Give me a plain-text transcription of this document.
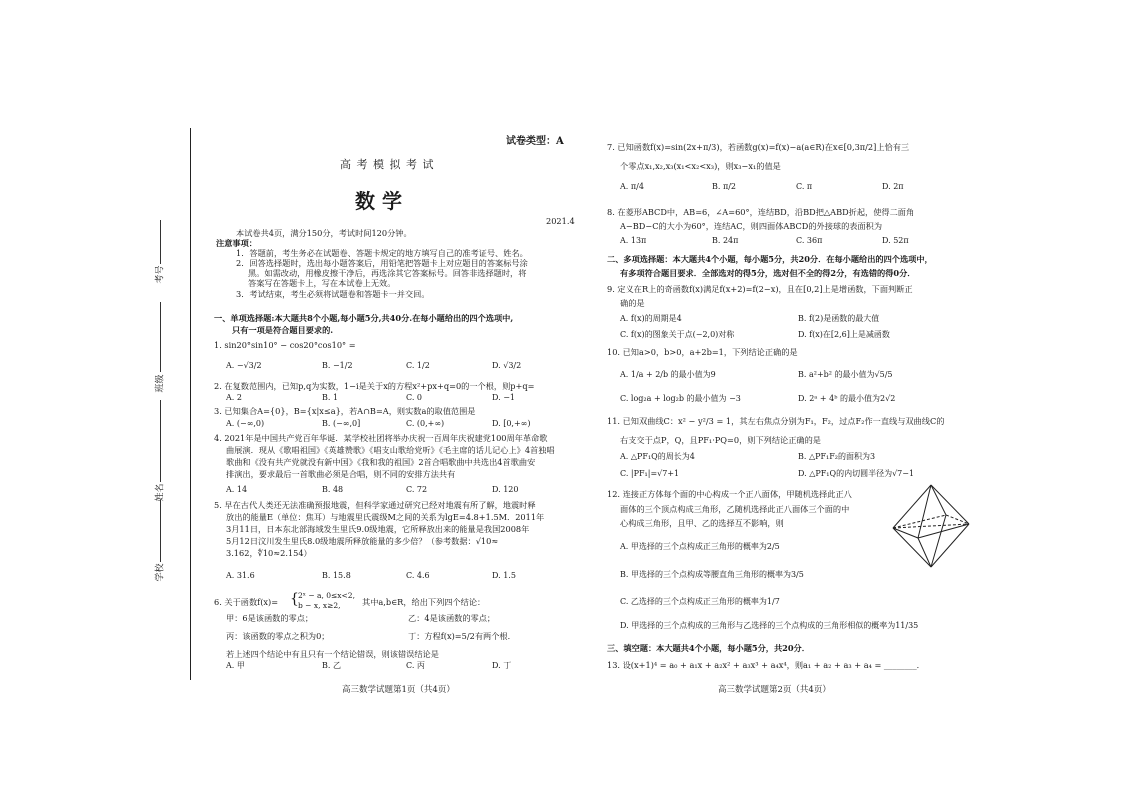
考号
班级
姓名
学校
试卷类型：A
高 考 模 拟 考 试
数 学
2021.4
本试卷共4页，满分150分，考试时间120分钟。
注意事项：
1．答题前，考生务必在试题卷、答题卡规定的地方填写自己的准考证号、姓名。
2．回答选择题时，选出每小题答案后，用铅笔把答题卡上对应题目的答案标号涂
黑。如需改动，用橡皮擦干净后，再选涂其它答案标号。回答非选择题时，将
答案写在答题卡上，写在本试卷上无效。
3．考试结束，考生必须将试题卷和答题卡一并交回。
一、单项选择题:本大题共8个小题,每小题5分,共40分.在每小题给出的四个选项中,
只有一项是符合题目要求的.
1. sin20°sin10° − cos20°cos10° =
A. −√3/2	B. −1/2	C. 1/2	D. √3/2
2. 在复数范围内，已知p,q为实数，1−i是关于x的方程x²+px+q=0的一个根，则p+q=
A. 2	B. 1	C. 0	D. −1
3. 已知集合A={0}，B={x|x≤a}，若A∩B=A，则实数a的取值范围是
A. (−∞,0)	B. (−∞,0]	C. (0,+∞)	D. [0,+∞)
4. 2021年是中国共产党百年华诞．某学校社团将举办庆祝一百周年庆祝建党100周年革命歌
曲展演．现从《歌唱祖国》《英雄赞歌》《唱支山歌给党听》《毛主席的话儿记心上》4首独唱
歌曲和《没有共产党就没有新中国》《我和我的祖国》2首合唱歌曲中共选出4首歌曲安
排演出，要求最后一首歌曲必须是合唱，则不同的安排方法共有
A. 14	B. 48	C. 72	D. 120
5. 早在古代人类还无法准确预报地震，但科学家通过研究已经对地震有所了解，地震时释
放出的能量E（单位：焦耳）与地震里氏震级M之间的关系为lgE=4.8+1.5M．2011年
3月11日，日本东北部海域发生里氏9.0级地震，它所释放出来的能量是我国2008年
5月12日汶川发生里氏8.0级地震所释放能量的多少倍？（参考数据：√10≈
3.162，∜10≈2.154）
A. 31.6	B. 15.8	C. 4.6	D. 1.5
6. 关于函数f(x)= { 2ˣ − a, 0≤x<2,
b − x, x≥2,	其中a,b∈R，给出下列四个结论：
甲：6是该函数的零点；	乙：4是该函数的零点；
丙：该函数的零点之积为0；	丁：方程f(x)=5/2有两个根．
若上述四个结论中有且只有一个结论错误，则该错误结论是
A. 甲	B. 乙	C. 丙	D. 丁
高三数学试题第1页（共4页）
7. 已知函数f(x)=sin(2x+π/3)，若函数g(x)=f(x)−a(a∈R)在x∈[0,3π/2]上恰有三
个零点x₁,x₂,x₃(x₁<x₂<x₃)，则x₃−x₁的值是
A. π/4	B. π/2	C. π	D. 2π
8. 在菱形ABCD中，AB=6，∠A=60°，连结BD，沿BD把△ABD折起，使得二面角
A−BD−C的大小为60°，连结AC，则四面体ABCD的外接球的表面积为
A. 13π	B. 24π	C. 36π	D. 52π
二、多项选择题：本大题共4个小题，每小题5分，共20分．在每小题给出的四个选项中，
有多项符合题目要求．全部选对的得5分，选对但不全的得2分，有选错的得0分．
9. 定义在R上的奇函数f(x)满足f(x+2)=f(2−x)，且在[0,2]上是增函数，下面判断正
确的是
A. f(x)的周期是4	B. f(2)是函数的最大值
C. f(x)的图象关于点(−2,0)对称	D. f(x)在[2,6]上是减函数
10. 已知a>0，b>0，a+2b=1，下列结论正确的是
A. 1/a + 2/b 的最小值为9	B. a²+b² 的最小值为√5/5
C. log₂a + log₂b 的最小值为 −3	D. 2ᵃ + 4ᵇ 的最小值为2√2
11. 已知双曲线C：x² − y²/3 = 1，其左右焦点分别为F₁，F₂，过点F₂作一直线与双曲线C的
右支交于点P，Q，且PF₁·PQ=0，则下列结论正确的是
A. △PF₁Q的周长为4	B. △PF₁F₂的面积为3
C. |PF₁|=√7+1	D. △PF₁Q的内切圆半径为√7−1
12. 连接正方体每个面的中心构成一个正八面体，甲随机选择此正八
面体的三个顶点构成三角形，乙随机选择此正八面体三个面的中
心构成三角形，且甲、乙的选择互不影响，则
A. 甲选择的三个点构成正三角形的概率为2/5
B. 甲选择的三个点构成等腰直角三角形的概率为3/5
C. 乙选择的三个点构成正三角形的概率为1/7
D. 甲选择的三个点构成的三角形与乙选择的三个点构成的三角形相似的概率为11/35
三、填空题：本大题共4个小题，每小题5分，共20分．
13. 设(x+1)⁴ = a₀ + a₁x + a₂x² + a₃x³ + a₄x⁴，则a₁ + a₂ + a₃ + a₄ = ________．
高三数学试题第2页（共4页）
